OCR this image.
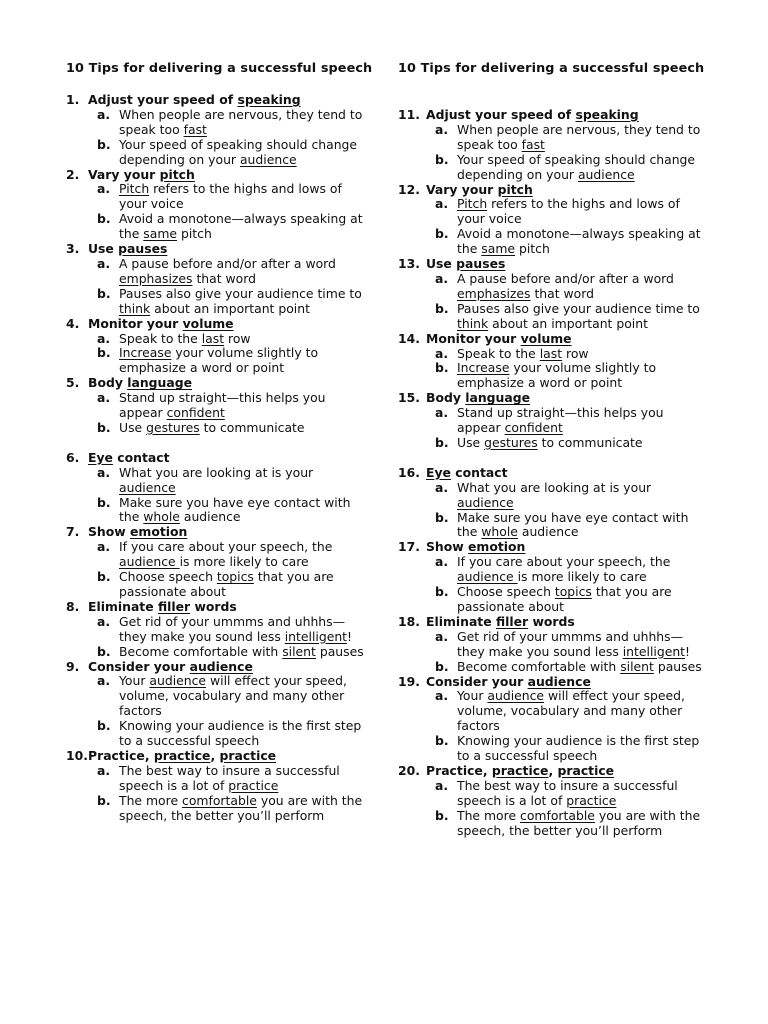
10 Tips for delivering a successful speech
1. Adjust your speed of speaking
a. When people are nervous, they tend to speak too fast
b. Your speed of speaking should change depending on your audience
2. Vary your pitch
a. Pitch refers to the highs and lows of your voice
b. Avoid a monotone—always speaking at the same pitch
3. Use pauses
a. A pause before and/or after a word emphasizes that word
b. Pauses also give your audience time to think about an important point
4. Monitor your volume
a. Speak to the last row
b. Increase your volume slightly to emphasize a word or point
5. Body language
a. Stand up straight—this helps you appear confident
b. Use gestures to communicate
6. Eye contact
a. What you are looking at is your audience
b. Make sure you have eye contact with the whole audience
7. Show emotion
a. If you care about your speech, the audience is more likely to care
b. Choose speech topics that you are passionate about
8. Eliminate filler words
a. Get rid of your ummms and uhhhs—they make you sound less intelligent!
b. Become comfortable with silent pauses
9. Consider your audience
a. Your audience will effect your speed, volume, vocabulary and many other factors
b. Knowing your audience is the first step to a successful speech
10. Practice, practice, practice
a. The best way to insure a successful speech is a lot of practice
b. The more comfortable you are with the speech, the better you’ll perform
10 Tips for delivering a successful speech
11. Adjust your speed of speaking
a. When people are nervous, they tend to speak too fast
b. Your speed of speaking should change depending on your audience
12. Vary your pitch
a. Pitch refers to the highs and lows of your voice
b. Avoid a monotone—always speaking at the same pitch
13. Use pauses
a. A pause before and/or after a word emphasizes that word
b. Pauses also give your audience time to think about an important point
14. Monitor your volume
a. Speak to the last row
b. Increase your volume slightly to emphasize a word or point
15. Body language
a. Stand up straight—this helps you appear confident
b. Use gestures to communicate
16. Eye contact
a. What you are looking at is your audience
b. Make sure you have eye contact with the whole audience
17. Show emotion
a. If you care about your speech, the audience is more likely to care
b. Choose speech topics that you are passionate about
18. Eliminate filler words
a. Get rid of your ummms and uhhhs—they make you sound less intelligent!
b. Become comfortable with silent pauses
19. Consider your audience
a. Your audience will effect your speed, volume, vocabulary and many other factors
b. Knowing your audience is the first step to a successful speech
20. Practice, practice, practice
a. The best way to insure a successful speech is a lot of practice
b. The more comfortable you are with the speech, the better you’ll perform
